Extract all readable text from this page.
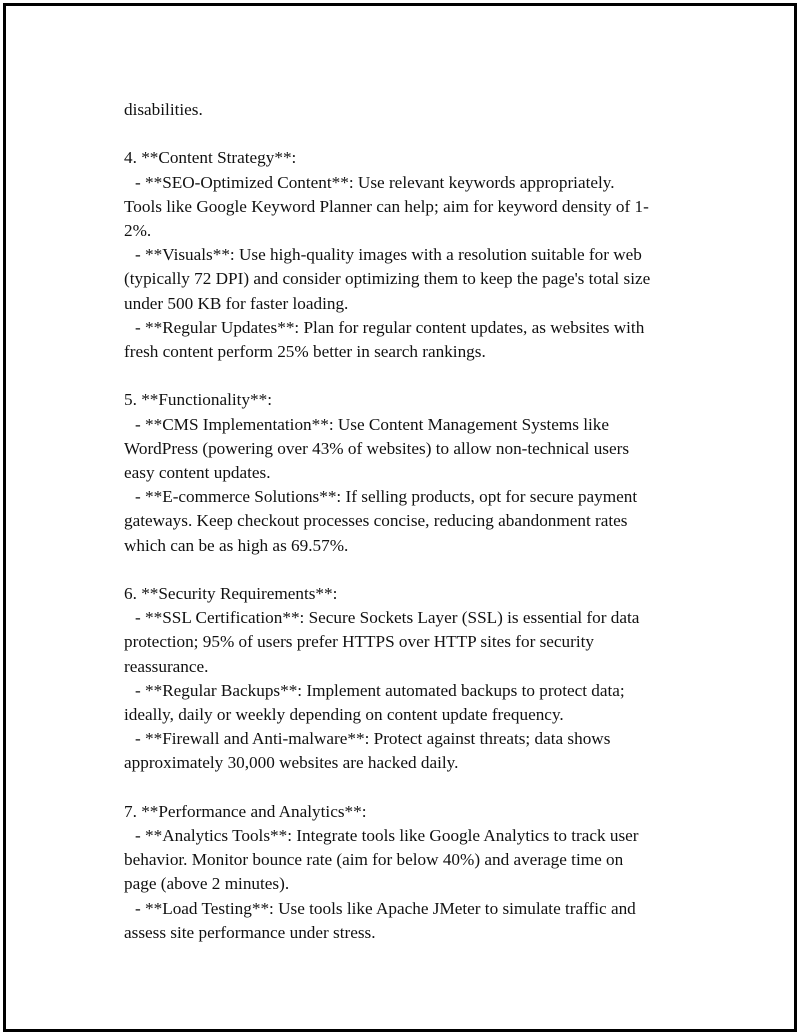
disabilities.
4. **Content Strategy**:
- **SEO-Optimized Content**: Use relevant keywords appropriately.
Tools like Google Keyword Planner can help; aim for keyword density of 1-
2%.
- **Visuals**: Use high-quality images with a resolution suitable for web
(typically 72 DPI) and consider optimizing them to keep the page's total size
under 500 KB for faster loading.
- **Regular Updates**: Plan for regular content updates, as websites with
fresh content perform 25% better in search rankings.
5. **Functionality**:
- **CMS Implementation**: Use Content Management Systems like
WordPress (powering over 43% of websites) to allow non-technical users
easy content updates.
- **E-commerce Solutions**: If selling products, opt for secure payment
gateways. Keep checkout processes concise, reducing abandonment rates
which can be as high as 69.57%.
6. **Security Requirements**:
- **SSL Certification**: Secure Sockets Layer (SSL) is essential for data
protection; 95% of users prefer HTTPS over HTTP sites for security
reassurance.
- **Regular Backups**: Implement automated backups to protect data;
ideally, daily or weekly depending on content update frequency.
- **Firewall and Anti-malware**: Protect against threats; data shows
approximately 30,000 websites are hacked daily.
7. **Performance and Analytics**:
- **Analytics Tools**: Integrate tools like Google Analytics to track user
behavior. Monitor bounce rate (aim for below 40%) and average time on
page (above 2 minutes).
- **Load Testing**: Use tools like Apache JMeter to simulate traffic and
assess site performance under stress.
